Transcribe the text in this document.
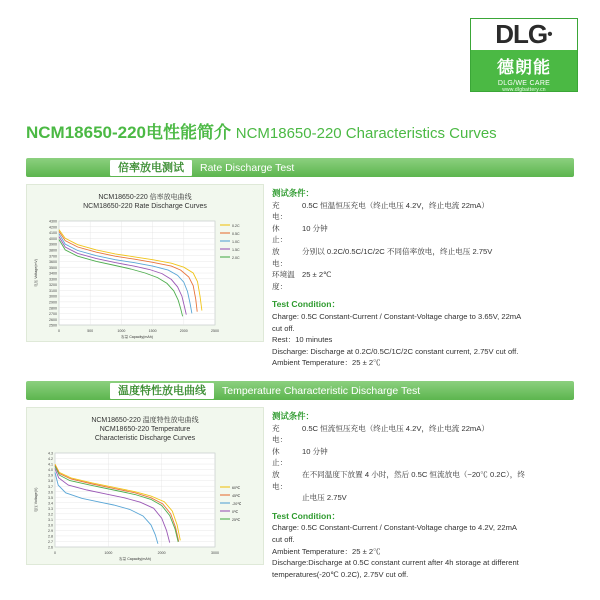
DLG •
德朗能
DLG/WE CARE
www.dlgbattery.cn
NCM18650-220电性能简介 NCM18650-220 Characteristics Curves
倍率放电测试	Rate Discharge Test
NCM18650-220 倍率放电曲线
NCM18650-220 Rate Discharge Curves
2500
2600
2700
2800
2900
3000
3100
3200
3300
3400
3500
3600
3700
3800
3900
4000
4100
4200
4300
0	500	1000	1500	2000	2500
0.2C
0.5C
1.0C
1.5C
2.0C
容量 Capacity(mAh)
电压 Voltage(mV)

测试条件：

充　电：
0.5C 恒温恒压充电（终止电压 4.2V，终止电流 22mA）
休　止：
10 分钟
放　电：
分别以 0.2C/0.5C/1C/2C 不同倍率放电，终止电压 2.75V
环境温度：
25 ± 2℃

Test Condition：

Charge: 0.5C Constant-Current / Constant-Voltage charge to 3.65V, 22mA

cut off.

Rest：10 minutes

Discharge: Discharge at 0.2C/0.5C/1C/2C constant current, 2.75V cut off.

Ambient Temperature：25 ± 2℃

温度特性放电曲线	Temperature Characteristic Discharge Test
NCM18650-220 温度特性放电曲线
NCM18650-220 Temperature
Characteristic Discharge Curves
2.6
2.7
2.8
2.9
3.0
3.1
3.2
3.3
3.4
3.5
3.6
3.7
3.8
3.9
4.0
4.1
4.2
4.3
0	1000	2000	3000
60℃
45℃
-20℃
0℃
25℃
容量 Capacity(mAh)
电压 Voltage(V)

测试条件：

充　电：
0.5C 恒流恒压充电（终止电压 4.2V，终止电流 22mA）
休　止：
10 分钟
放　电：
在不同温度下放置 4 小时，然后 0.5C 恒流放电（−20℃ 0.2C），终
止电压 2.75V

Test Condition：

Charge: 0.5C Constant-Current / Constant-Voltage charge to 4.2V, 22mA

cut off.

Ambient Temperature：25 ± 2℃

Discharge:Discharge at 0.5C constant current after 4h storage at different

temperatures(-20℃ 0.2C), 2.75V cut off.
